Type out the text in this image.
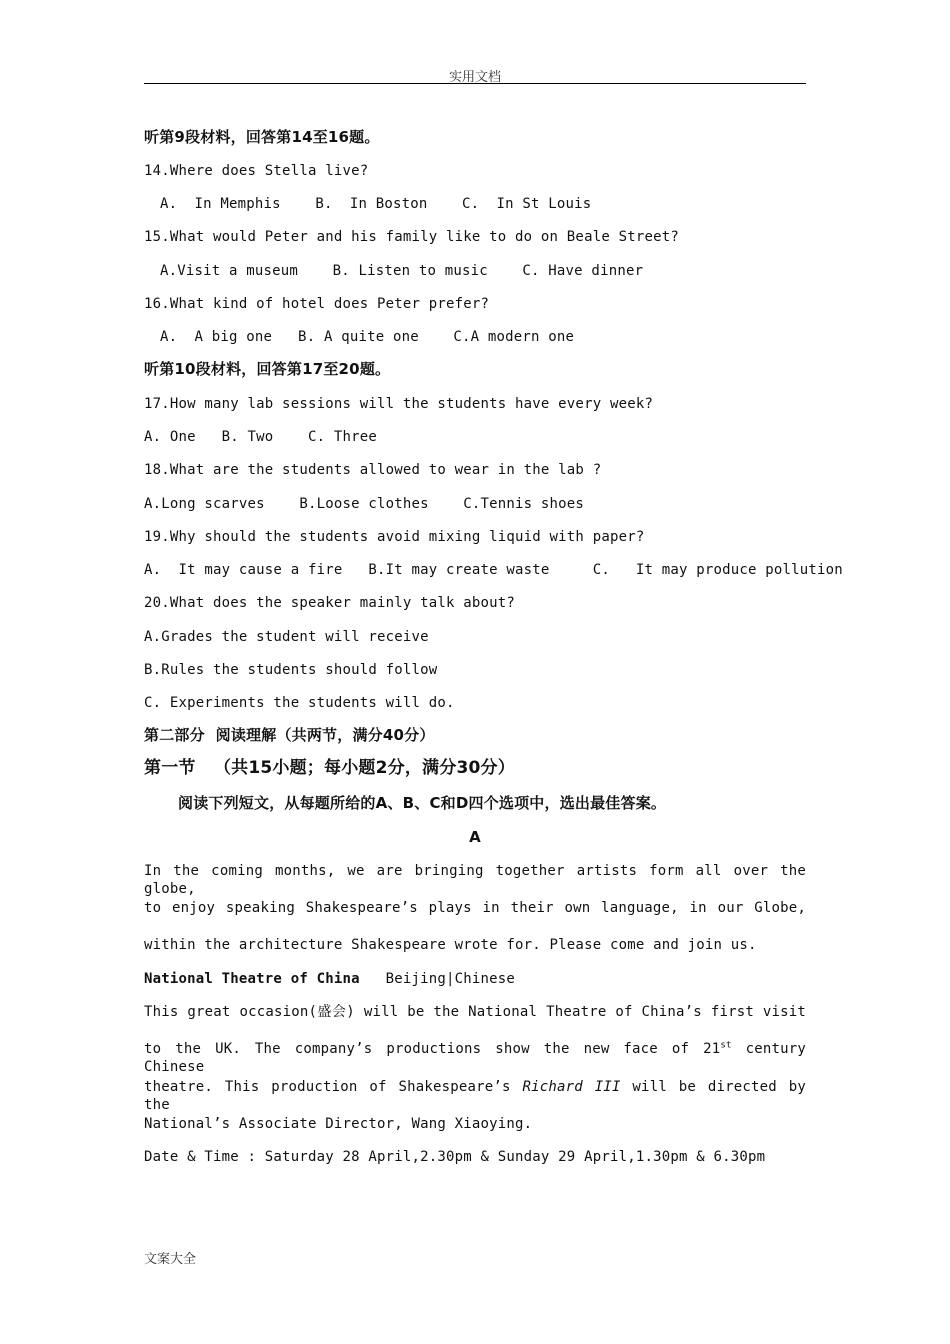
实用文档
听第9段材料，回答第14至16题。
14.Where does Stella live?
A.  In Memphis    B.  In Boston    C.  In St Louis
15.What would Peter and his family like to do on Beale Street?
A.Visit a museum    B. Listen to music    C. Have dinner
16.What kind of hotel does Peter prefer?
A.  A big one   B. A quite one    C.A modern one
听第10段材料，回答第17至20题。
17.How many lab sessions will the students have every week?
A. One   B. Two    C. Three
18.What are the students allowed to wear in the lab ?
A.Long scarves    B.Loose clothes    C.Tennis shoes
19.Why should the students avoid mixing liquid with paper?
A.  It may cause a fire   B.It may create waste     C.   It may produce pollution
20.What does the speaker mainly talk about?
A.Grades the student will receive
B.Rules the students should follow
C. Experiments the students will do.
第二部分  阅读理解（共两节，满分40分）
第一节   （共15小题；每小题2分，满分30分）
阅读下列短文，从每题所给的A、B、C和D四个选项中，选出最佳答案。
A
In the coming months, we are bringing together artists form all over the globe,
to enjoy speaking Shakespeare’s plays in their own language, in our Globe,
within the architecture Shakespeare wrote for. Please come and join us.
National Theatre of China Beijing|Chinese
This great occasion(盛会) will be the National Theatre of China’s first visit
to the UK. The company’s productions show the new face of 21st century Chinese
theatre. This production of Shakespeare’s Richard III will be directed by the
National’s Associate Director, Wang Xiaoying.
Date & Time : Saturday 28 April,2.30pm & Sunday 29 April,1.30pm & 6.30pm
文案大全
